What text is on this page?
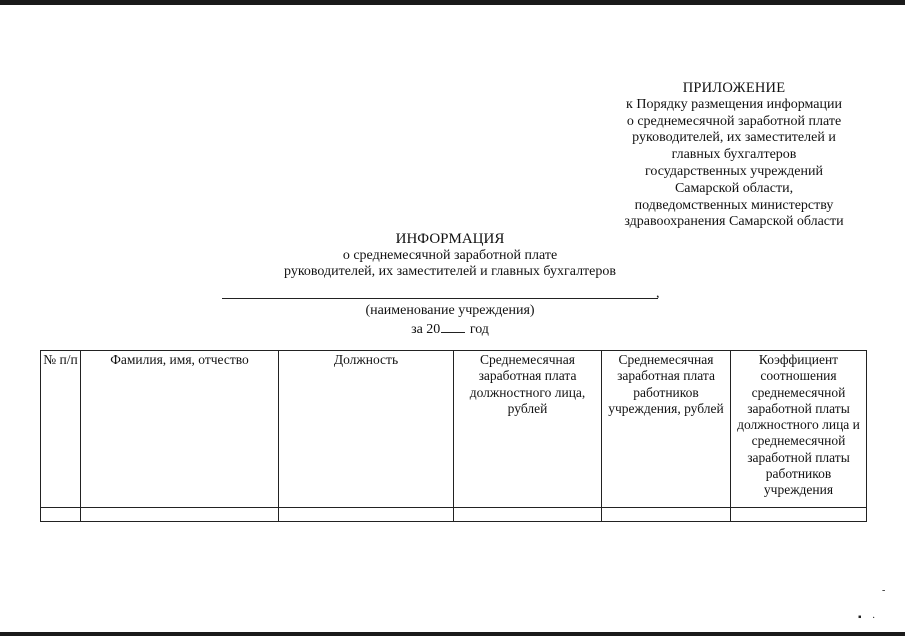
ПРИЛОЖЕНИЕ
к Порядку размещения информации
о среднемесячной заработной плате
руководителей, их заместителей и
главных бухгалтеров
государственных учреждений
Самарской области,
подведомственных министерству
здравоохранения Самарской области
ИНФОРМАЦИЯ
о среднемесячной заработной плате
руководителей, их заместителей и главных бухгалтеров
,
(наименование учреждения)
за 20 год
№ п/п	Фамилия, имя, отчество	Должность	Среднемесячная заработная плата должностного лица, рублей	Среднемесячная заработная плата работников учреждения, рублей	Коэффициент соотношения среднемесячной заработной платы должностного лица и среднемесячной заработной платы работников учреждения

-
▪ ·
